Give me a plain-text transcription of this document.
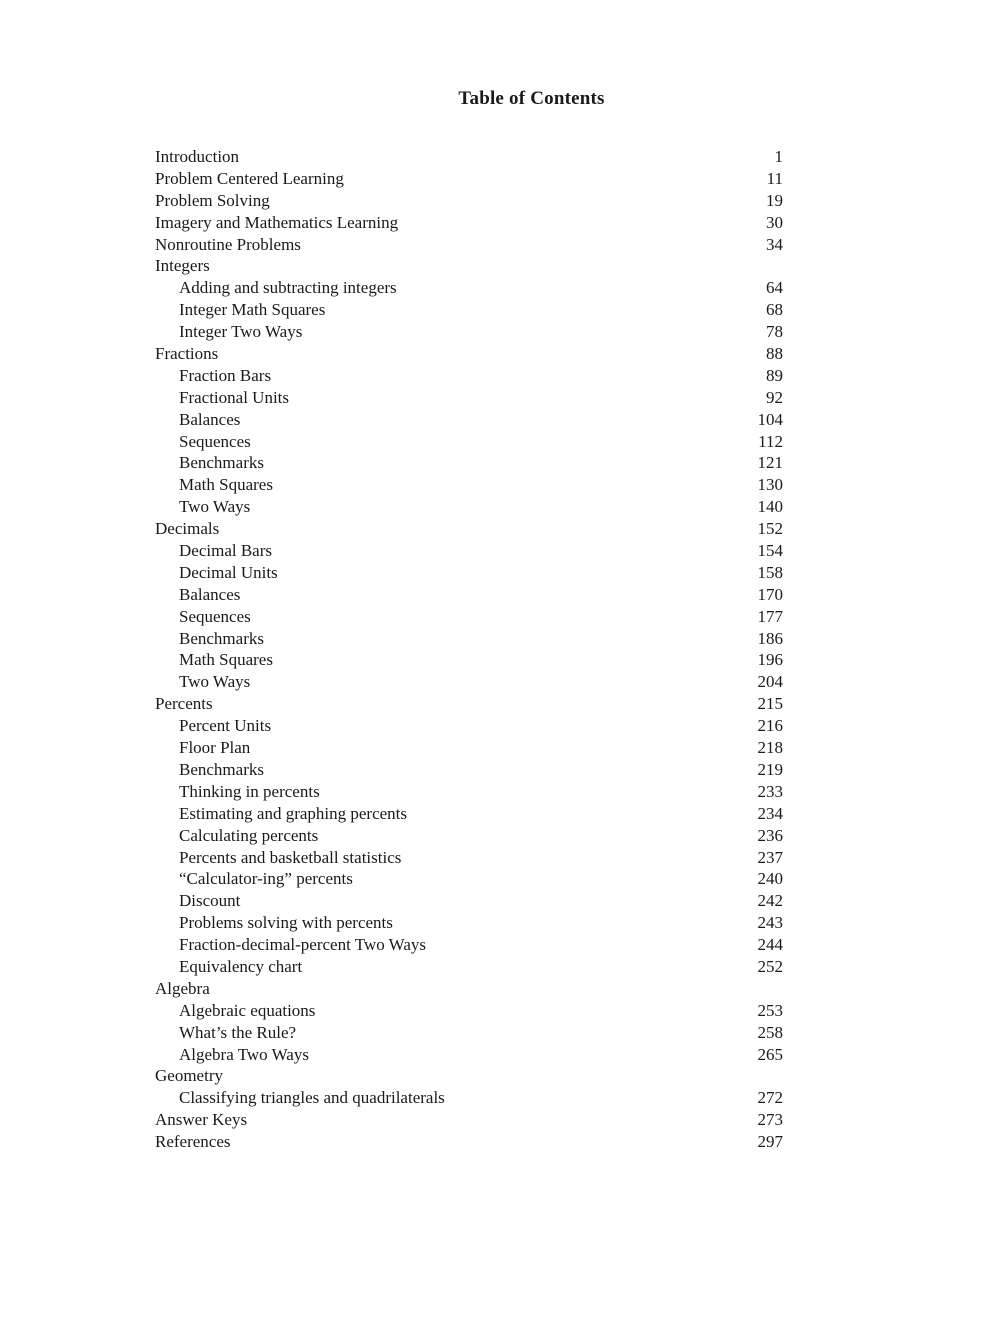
Table of Contents
Introduction	1
Problem Centered Learning	11
Problem Solving	19
Imagery and Mathematics Learning	30
Nonroutine Problems	34
Integers
Adding and subtracting integers	64
Integer Math Squares	68
Integer Two Ways	78
Fractions	88
Fraction Bars	89
Fractional Units	92
Balances	104
Sequences	112
Benchmarks	121
Math Squares	130
Two Ways	140
Decimals	152
Decimal Bars	154
Decimal Units	158
Balances	170
Sequences	177
Benchmarks	186
Math Squares	196
Two Ways	204
Percents	215
Percent Units	216
Floor Plan	218
Benchmarks	219
Thinking in percents	233
Estimating and graphing percents	234
Calculating percents	236
Percents and basketball statistics	237
“Calculator-ing” percents	240
Discount	242
Problems solving with percents	243
Fraction-decimal-percent Two Ways	244
Equivalency chart	252
Algebra
Algebraic equations	253
What’s the Rule?	258
Algebra Two Ways	265
Geometry
Classifying triangles and quadrilaterals	272
Answer Keys	273
References	297
